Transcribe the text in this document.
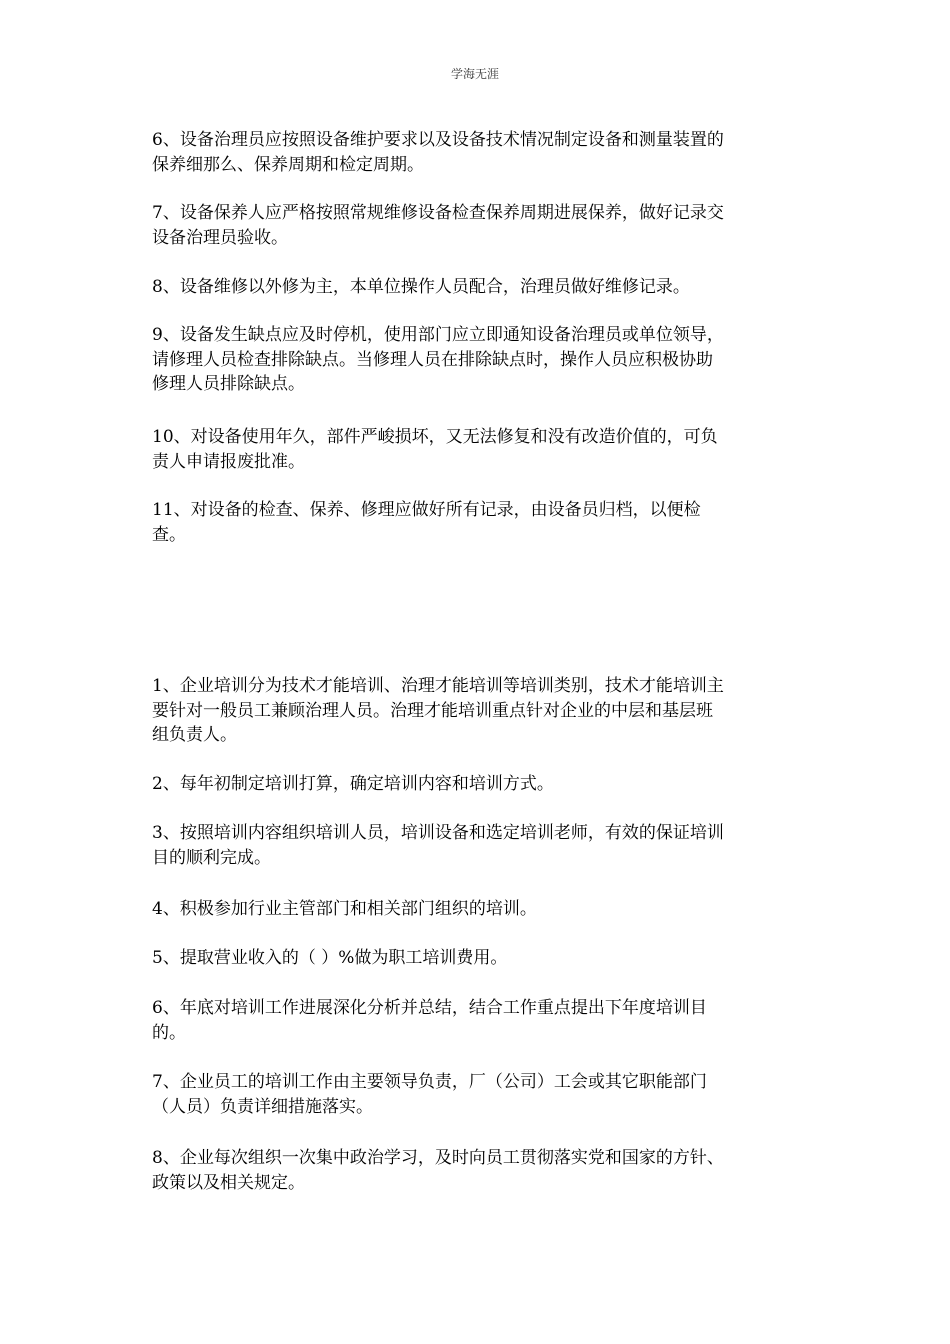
学海无涯
6、设备治理员应按照设备维护要求以及设备技术情况制定设备和测量装置的
保养细那么、保养周期和检定周期。
7、设备保养人应严格按照常规维修设备检查保养周期进展保养，做好记录交
设备治理员验收。
8、设备维修以外修为主，本单位操作人员配合，治理员做好维修记录。
9、设备发生缺点应及时停机，使用部门应立即通知设备治理员或单位领导，
请修理人员检查排除缺点。当修理人员在排除缺点时，操作人员应积极协助
修理人员排除缺点。
10、对设备使用年久，部件严峻损坏，又无法修复和没有改造价值的，可负
责人申请报废批准。
11、对设备的检查、保养、修理应做好所有记录，由设备员归档，以便检
查。
1、企业培训分为技术才能培训、治理才能培训等培训类别，技术才能培训主
要针对一般员工兼顾治理人员。治理才能培训重点针对企业的中层和基层班
组负责人。
2、每年初制定培训打算，确定培训内容和培训方式。
3、按照培训内容组织培训人员，培训设备和选定培训老师，有效的保证培训
目的顺利完成。
4、积极参加行业主管部门和相关部门组织的培训。
5、提取营业收入的（ ）%做为职工培训费用。
6、年底对培训工作进展深化分析并总结，结合工作重点提出下年度培训目
的。
7、企业员工的培训工作由主要领导负责，厂（公司）工会或其它职能部门
（人员）负责详细措施落实。
8、企业每次组织一次集中政治学习，及时向员工贯彻落实党和国家的方针、
政策以及相关规定。
